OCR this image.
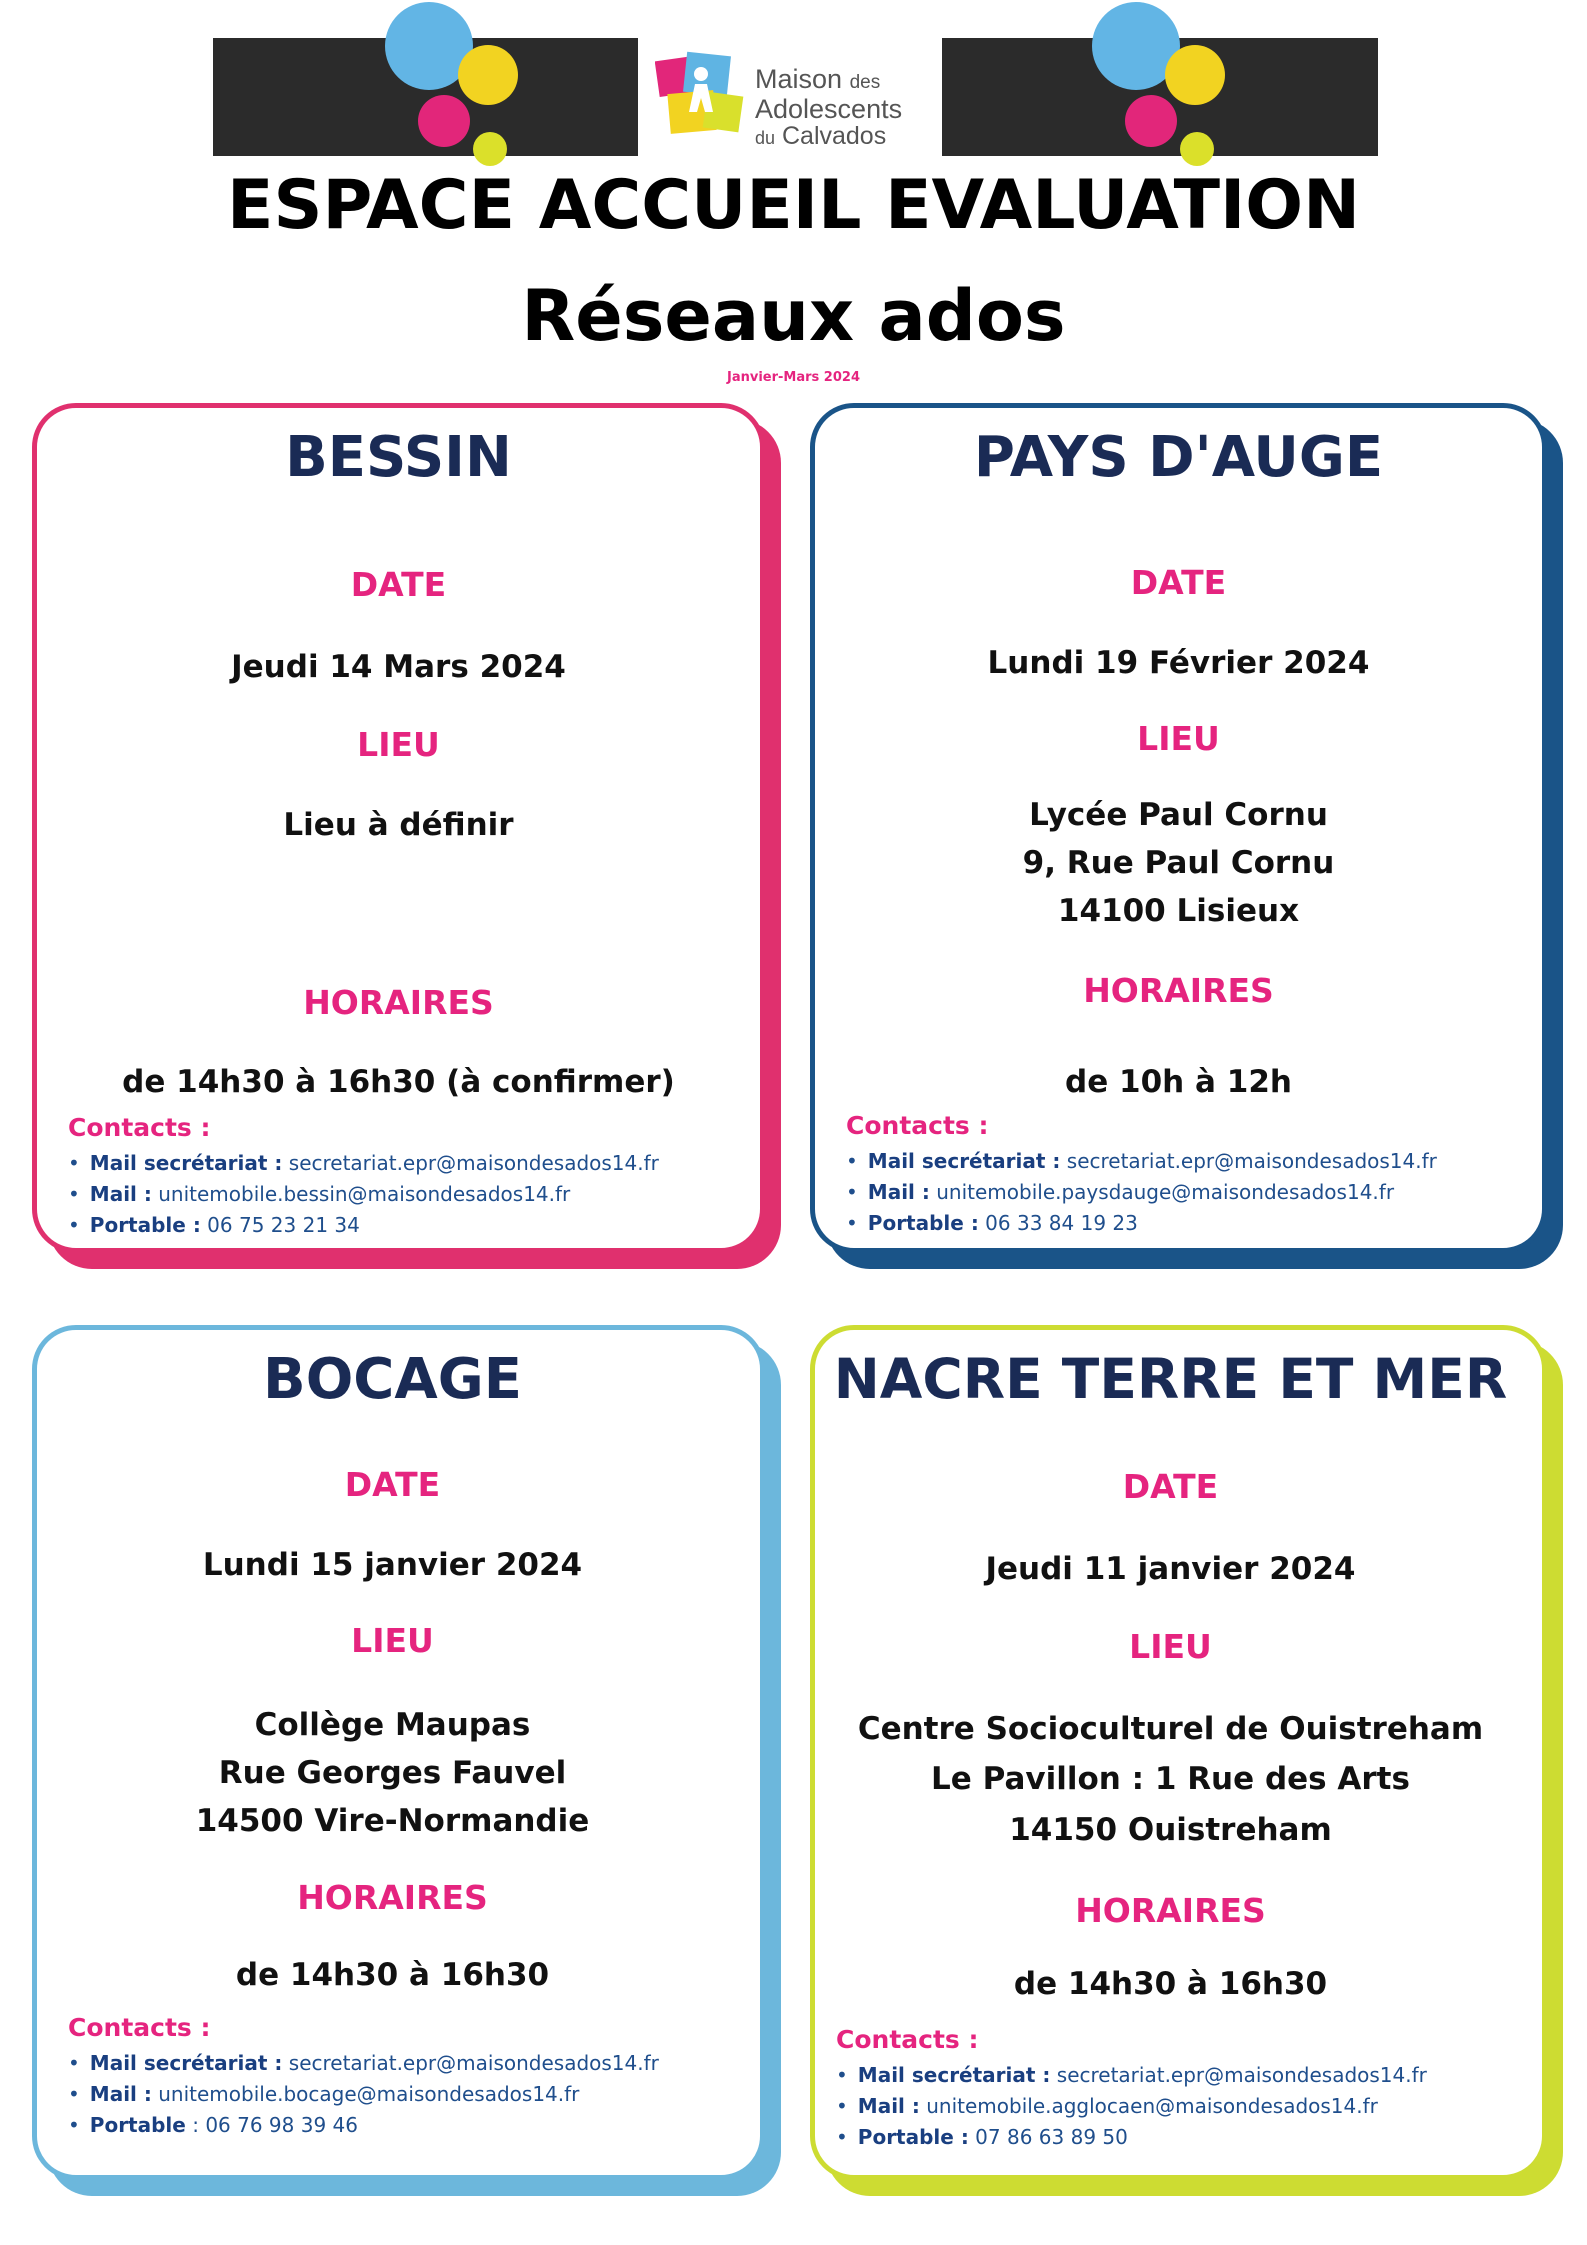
Maison des
Adolescents
du Calvados
ESPACE ACCUEIL EVALUATION
Réseaux ados
Janvier-Mars 2024
BESSIN
DATE
Jeudi 14 Mars 2024
LIEU
Lieu à définir
HORAIRES
de 14h30 à 16h30 (à confirmer)
Contacts :
• Mail secrétariat : secretariat.epr@maisondesados14.fr
• Mail : unitemobile.bessin@maisondesados14.fr
• Portable : 06 75 23 21 34
PAYS D'AUGE
DATE
Lundi 19 Février 2024
LIEU
Lycée Paul Cornu
9, Rue Paul Cornu
14100 Lisieux
HORAIRES
de 10h à 12h
Contacts :
• Mail secrétariat : secretariat.epr@maisondesados14.fr
• Mail : unitemobile.paysdauge@maisondesados14.fr
• Portable : 06 33 84 19 23
BOCAGE
DATE
Lundi 15 janvier 2024
LIEU
Collège Maupas
Rue Georges Fauvel
14500 Vire-Normandie
HORAIRES
de 14h30 à 16h30
Contacts :
• Mail secrétariat : secretariat.epr@maisondesados14.fr
• Mail : unitemobile.bocage@maisondesados14.fr
• Portable : 06 76 98 39 46
NACRE TERRE ET MER
DATE
Jeudi 11 janvier 2024
LIEU
Centre Socioculturel de Ouistreham
Le Pavillon : 1 Rue des Arts
14150 Ouistreham
HORAIRES
de 14h30 à 16h30
Contacts :
• Mail secrétariat : secretariat.epr@maisondesados14.fr
• Mail : unitemobile.agglocaen@maisondesados14.fr
• Portable : 07 86 63 89 50
